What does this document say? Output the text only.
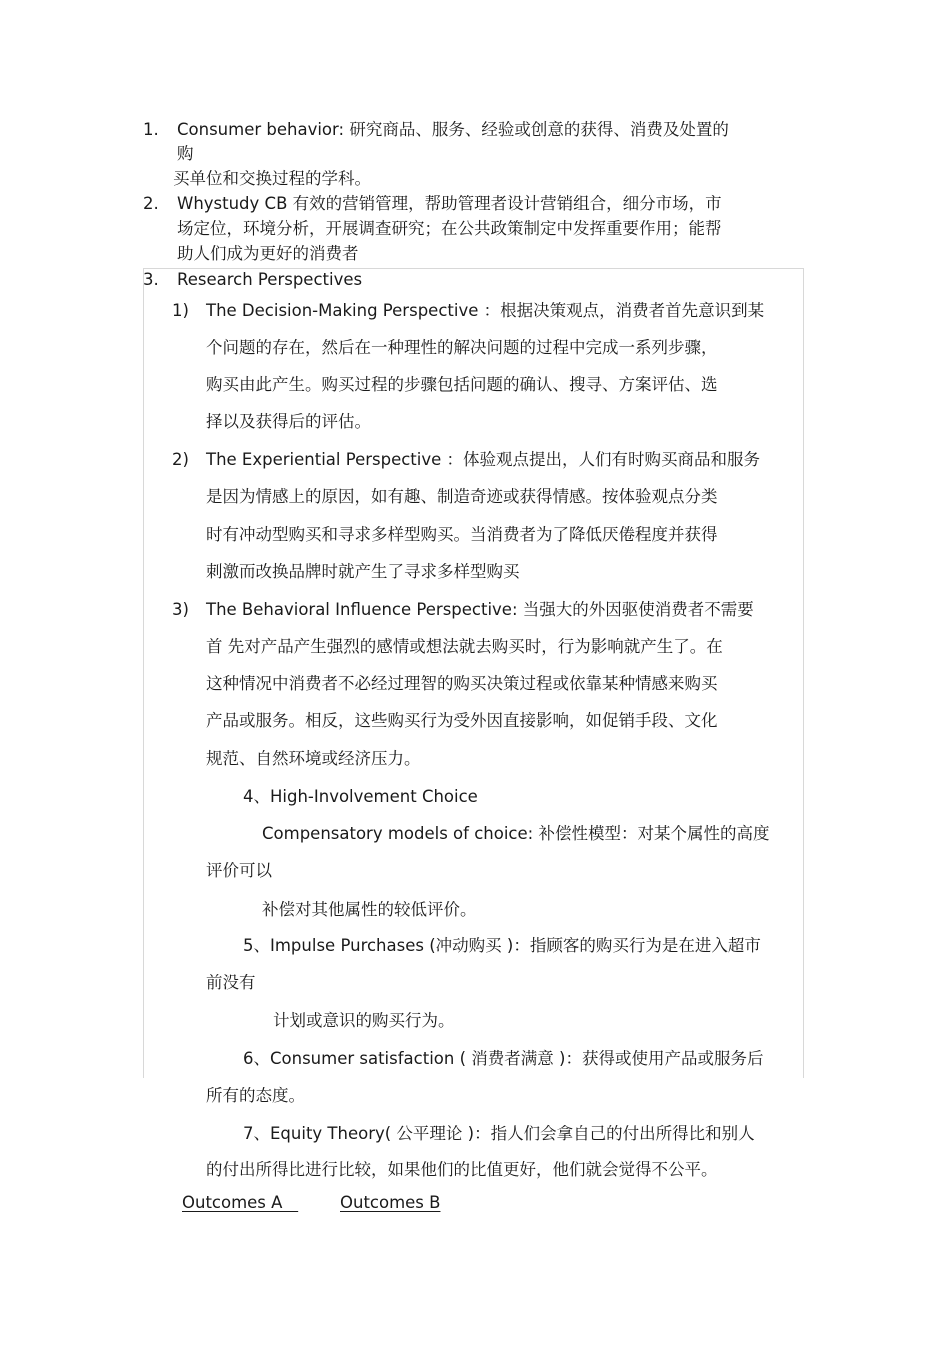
1. Consumer behavior: 研究商品、服务、经验或创意的获得、消费及处置的
购
买单位和交换过程的学科。
2. Whystudy CB 有效的营销管理，帮助管理者设计营销组合，细分市场，市
场定位，环境分析，开展调查研究；在公共政策制定中发挥重要作用；能帮
助人们成为更好的消费者
3. Research Perspectives
1) The Decision-Making Perspective ：根据决策观点，消费者首先意识到某
个问题的存在，然后在一种理性的解决问题的过程中完成一系列步骤，
购买由此产生。购买过程的步骤包括问题的确认、搜寻、方案评估、选
择以及获得后的评估。
2) The Experiential Perspective ：体验观点提出，人们有时购买商品和服务
是因为情感上的原因，如有趣、制造奇迹或获得情感。按体验观点分类
时有冲动型购买和寻求多样型购买。当消费者为了降低厌倦程度并获得
刺激而改换品牌时就产生了寻求多样型购买
3) The Behavioral Influence Perspective: 当强大的外因驱使消费者不需要
首 先对产品产生强烈的感情或想法就去购买时，行为影响就产生了。在
这种情况中消费者不必经过理智的购买决策过程或依靠某种情感来购买
产品或服务。相反，这些购买行为受外因直接影响，如促销手段、文化
规范、自然环境或经济压力。
4、High-Involvement Choice
Compensatory models of choice: 补偿性模型：对某个属性的高度
评价可以
补偿对其他属性的较低评价。
5、Impulse Purchases (冲动购买 )：指顾客的购买行为是在进入超市
前没有
计划或意识的购买行为。
6、Consumer satisfaction ( 消费者满意 )：获得或使用产品或服务后
所有的态度。
7、Equity Theory( 公平理论 )：指人们会拿自己的付出所得比和别人
的付出所得比进行比较，如果他们的比值更好，他们就会觉得不公平。
Outcomes A	Outcomes B
